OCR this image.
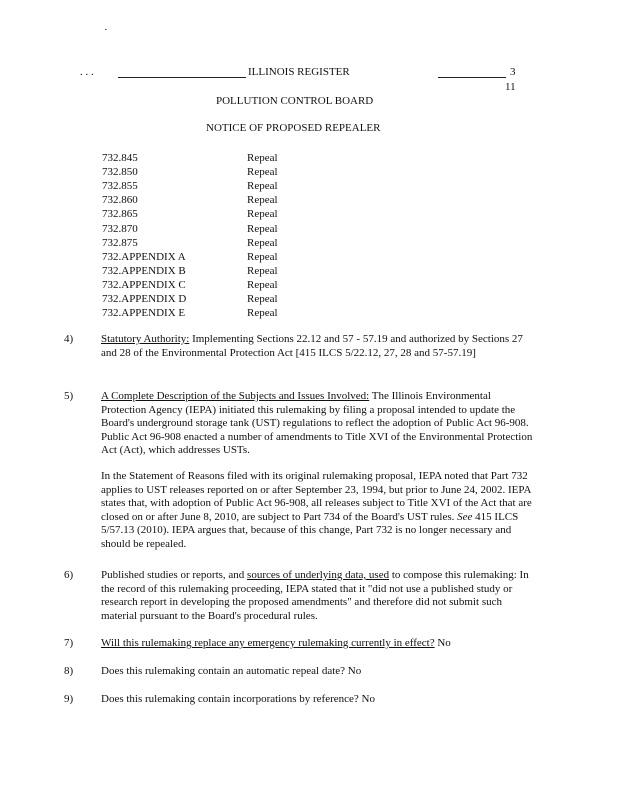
·
. . .	ILLINOIS REGISTER	3
11
POLLUTION CONTROL BOARD
NOTICE OF PROPOSED REPEALER
732.845	Repeal
732.850	Repeal
732.855	Repeal
732.860	Repeal
732.865	Repeal
732.870	Repeal
732.875	Repeal
732.APPENDIX A	Repeal
732.APPENDIX B	Repeal
732.APPENDIX C	Repeal
732.APPENDIX D	Repeal
732.APPENDIX E	Repeal
4)	Statutory Authority: Implementing Sections 22.12 and 57 - 57.19 and authorized by Sections 27 and 28 of the Environmental Protection Act [415 ILCS 5/22.12, 27, 28 and 57-57.19]
5)	A Complete Description of the Subjects and Issues Involved: The Illinois Environmental Protection Agency (IEPA) initiated this rulemaking by filing a proposal intended to update the Board's underground storage tank (UST) regulations to reflect the adoption of Public Act 96-908. Public Act 96-908 enacted a number of amendments to Title XVI of the Environmental Protection Act (Act), which addresses USTs.
In the Statement of Reasons filed with its original rulemaking proposal, IEPA noted that Part 732 applies to UST releases reported on or after September 23, 1994, but prior to June 24, 2002. IEPA states that, with adoption of Public Act 96-908, all releases subject to Title XVI of the Act that are closed on or after June 8, 2010, are subject to Part 734 of the Board's UST rules. See 415 ILCS 5/57.13 (2010). IEPA argues that, because of this change, Part 732 is no longer necessary and should be repealed.
6)	Published studies or reports, and sources of underlying data, used to compose this rulemaking: In the record of this rulemaking proceeding, IEPA stated that it "did not use a published study or research report in developing the proposed amendments" and therefore did not submit such material pursuant to the Board's procedural rules.
7)	Will this rulemaking replace any emergency rulemaking currently in effect? No
8)	Does this rulemaking contain an automatic repeal date? No
9)	Does this rulemaking contain incorporations by reference? No
